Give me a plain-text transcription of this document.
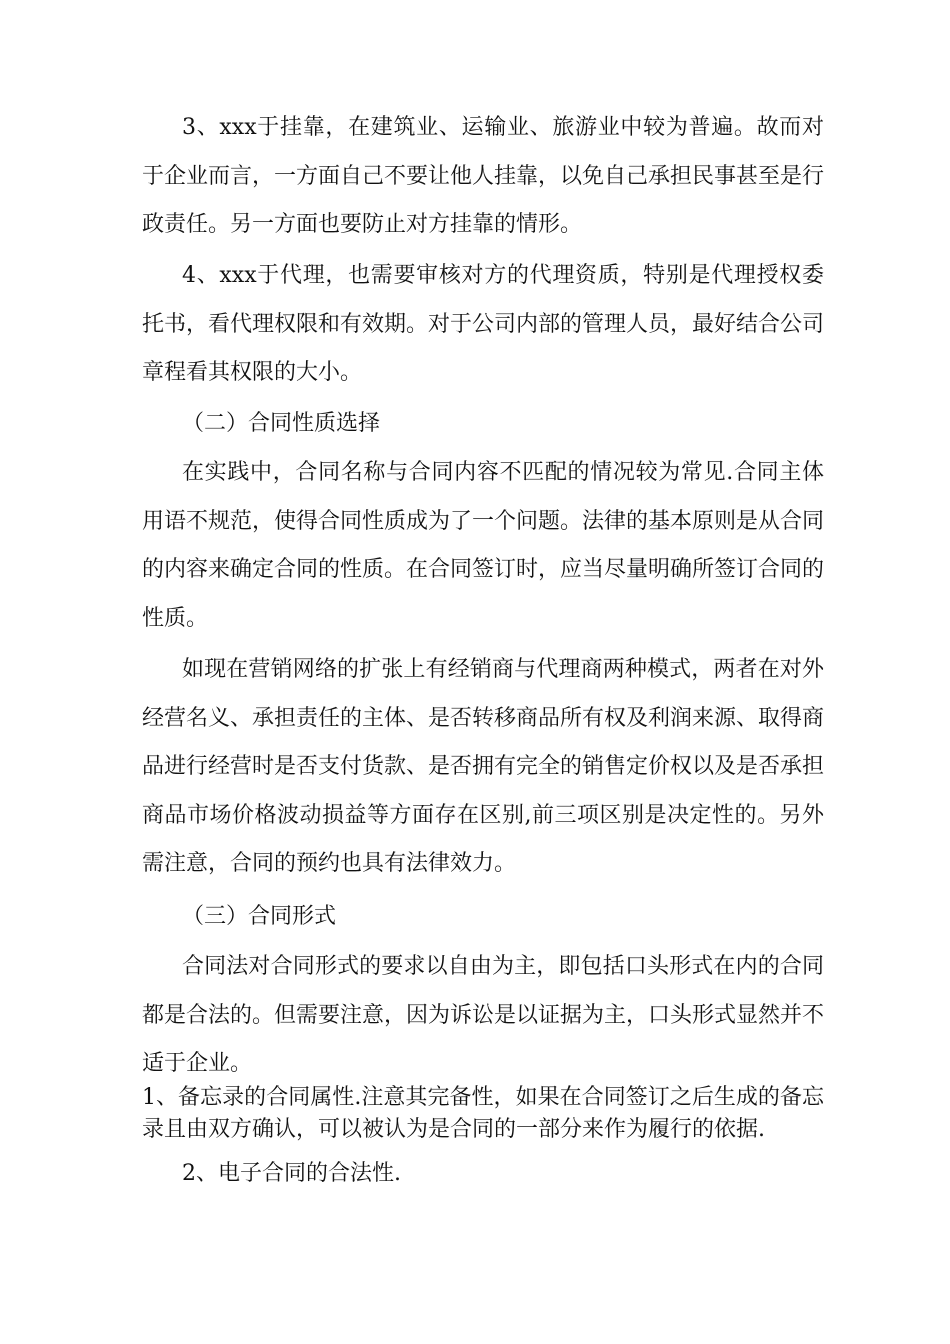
3、xxx于挂靠，在建筑业、运输业、旅游业中较为普遍。故而对于企业而言，一方面自己不要让他人挂靠，以免自己承担民事甚至是行政责任。另一方面也要防止对方挂靠的情形。

4、xxx于代理，也需要审核对方的代理资质，特别是代理授权委托书，看代理权限和有效期。对于公司内部的管理人员，最好结合公司章程看其权限的大小。

（二）合同性质选择

在实践中，合同名称与合同内容不匹配的情况较为常见.合同主体用语不规范，使得合同性质成为了一个问题。法律的基本原则是从合同的内容来确定合同的性质。在合同签订时，应当尽量明确所签订合同的性质。

如现在营销网络的扩张上有经销商与代理商两种模式，两者在对外经营名义、承担责任的主体、是否转移商品所有权及利润来源、取得商品进行经营时是否支付货款、是否拥有完全的销售定价权以及是否承担商品市场价格波动损益等方面存在区别,前三项区别是决定性的。另外需注意，合同的预约也具有法律效力。

（三）合同形式

合同法对合同形式的要求以自由为主，即包括口头形式在内的合同都是合法的。但需要注意，因为诉讼是以证据为主，口头形式显然并不适于企业。

1、备忘录的合同属性.注意其完备性，如果在合同签订之后生成的备忘录且由双方确认，可以被认为是合同的一部分来作为履行的依据.

2、电子合同的合法性.
